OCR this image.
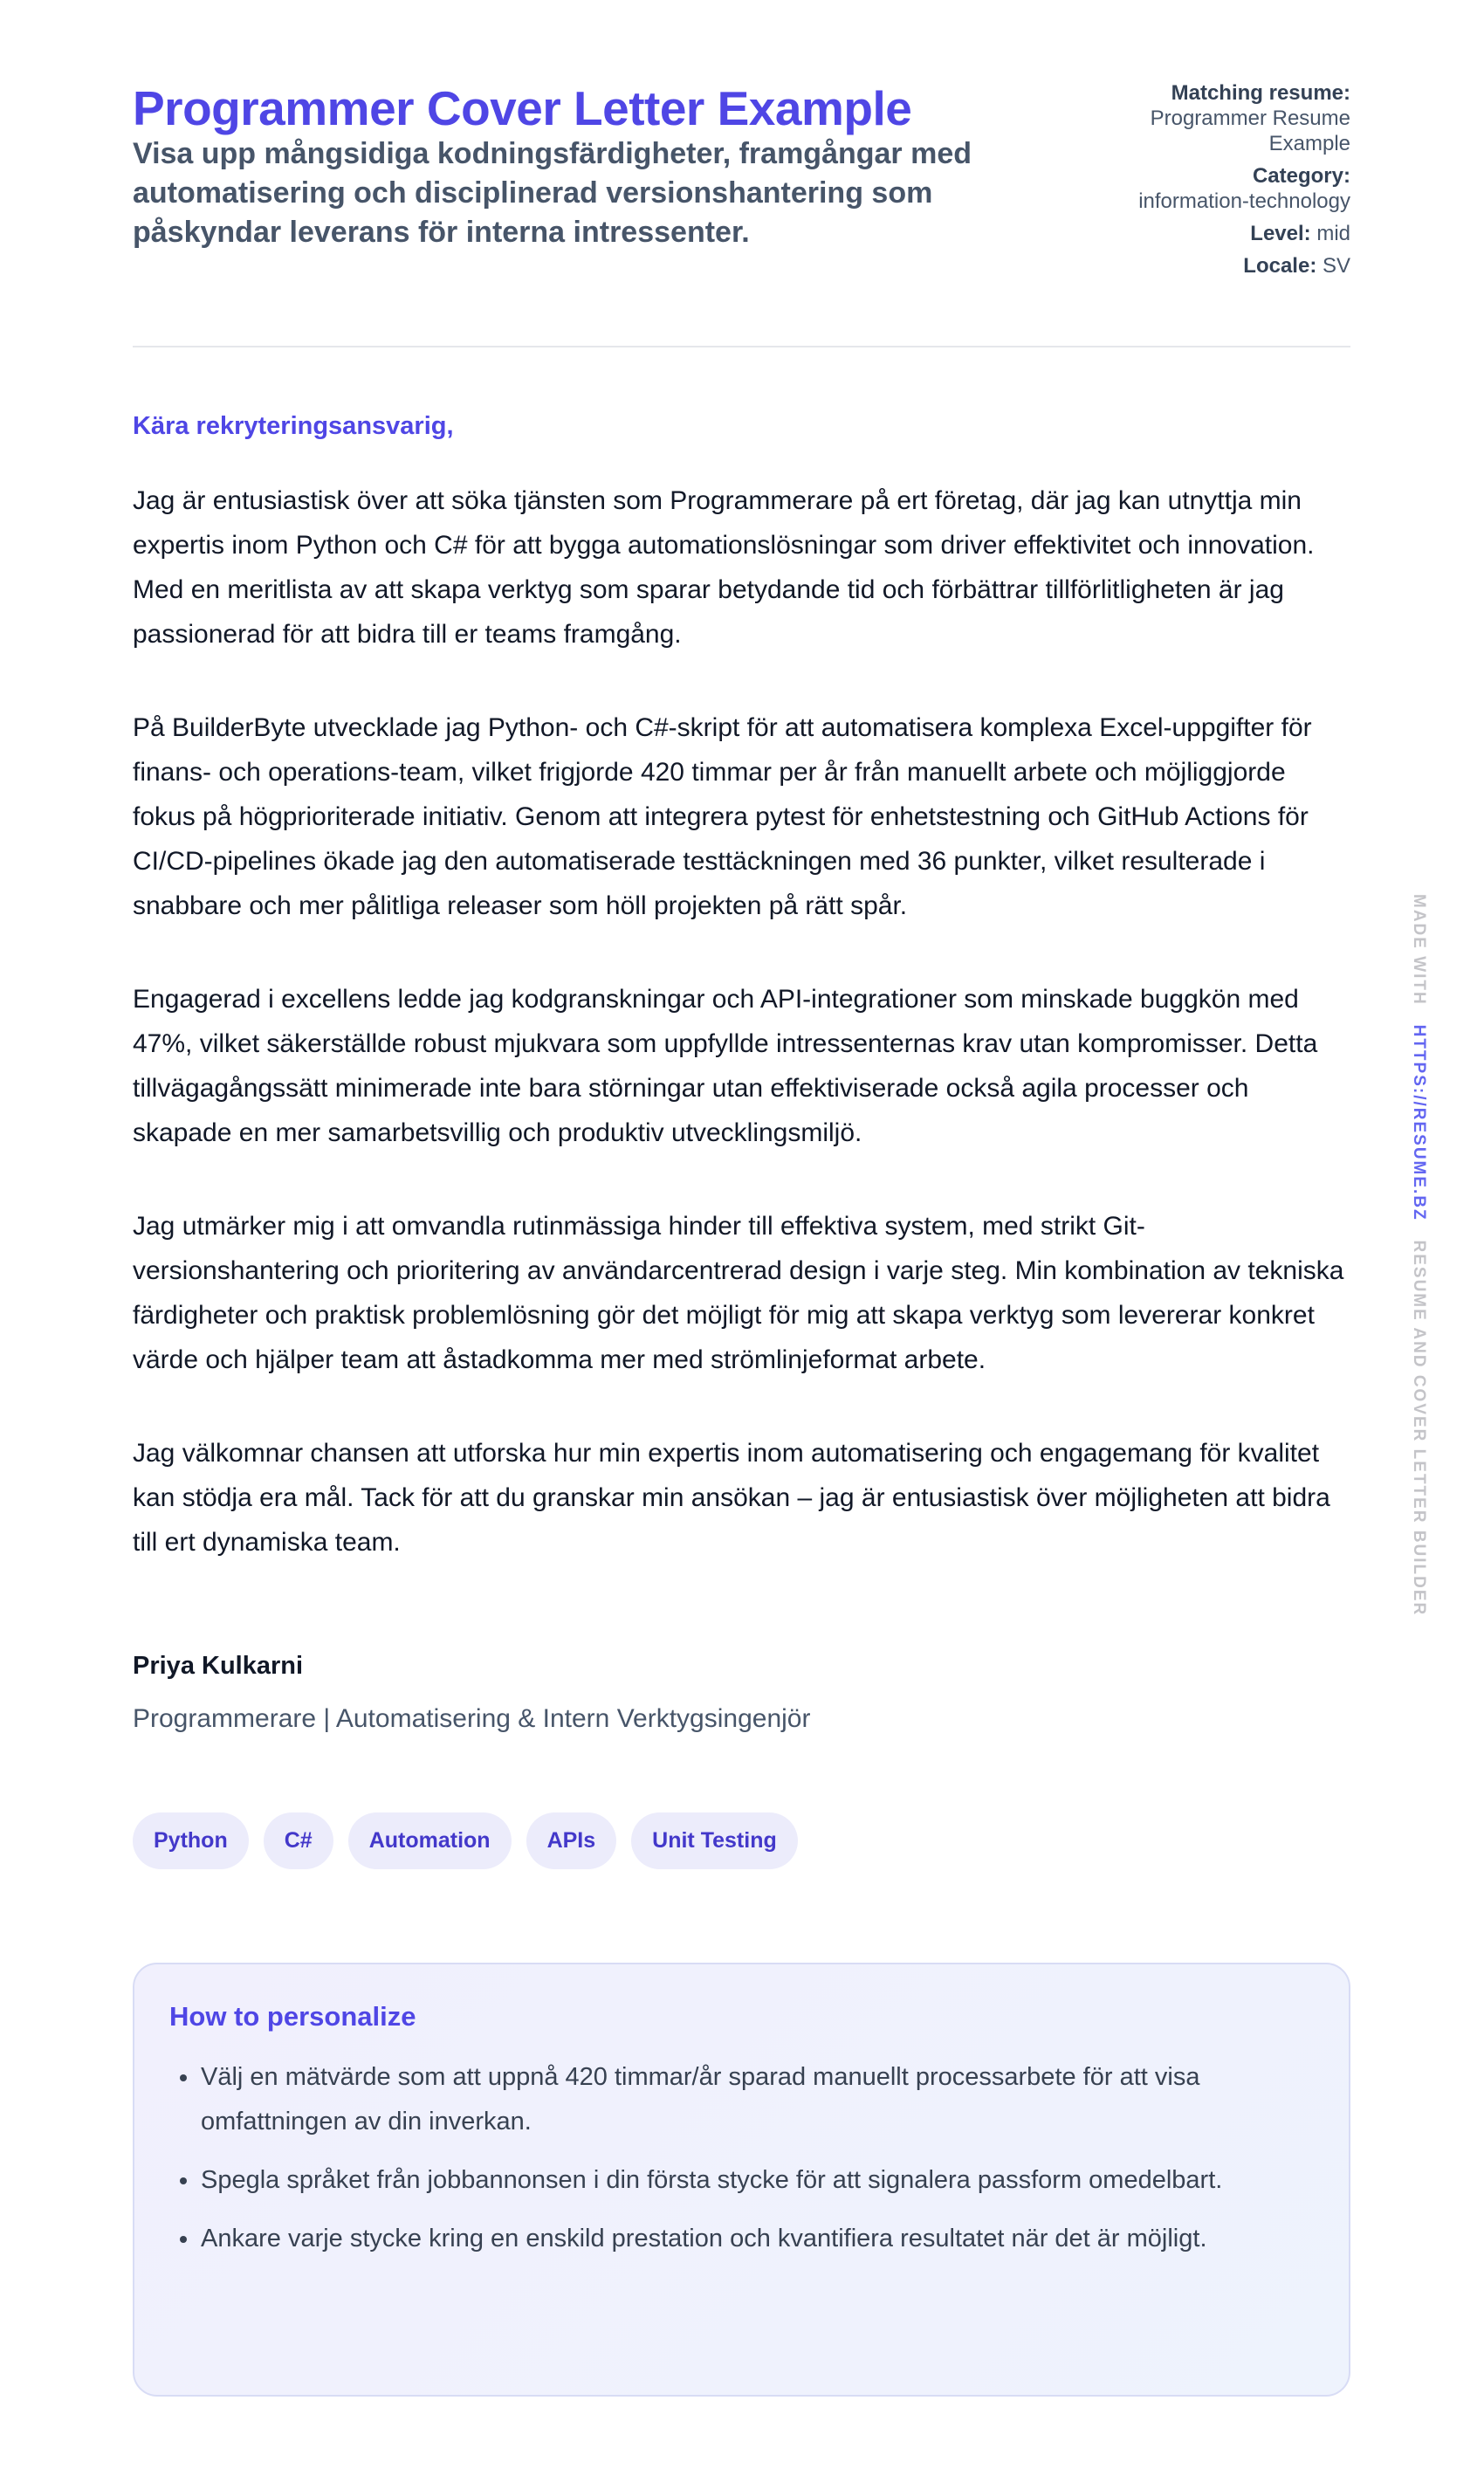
Programmer Cover Letter Example
Visa upp mångsidiga kodningsfärdigheter, framgångar med automatisering och disciplinerad versionshantering som påskyndar leverans för interna intressenter.
Matching resume:
Programmer Resume Example
Category:
information-technology
Level: mid
Locale: SV
Kära rekryteringsansvarig,

Jag är entusiastisk över att söka tjänsten som Programmerare på ert företag, där jag kan utnyttja min expertis inom Python och C# för att bygga automationslösningar som driver effektivitet och innovation. Med en meritlista av att skapa verktyg som sparar betydande tid och förbättrar tillförlitligheten är jag passionerad för att bidra till er teams framgång.

På BuilderByte utvecklade jag Python- och C#-skript för att automatisera komplexa Excel-uppgifter för finans- och operations-team, vilket frigjorde 420 timmar per år från manuellt arbete och möjliggjorde fokus på högprioriterade initiativ. Genom att integrera pytest för enhetstestning och GitHub Actions för CI/CD-pipelines ökade jag den automatiserade testtäckningen med 36 punkter, vilket resulterade i snabbare och mer pålitliga releaser som höll projekten på rätt spår.

Engagerad i excellens ledde jag kodgranskningar och API-integrationer som minskade buggkön med 47%, vilket säkerställde robust mjukvara som uppfyllde intressenternas krav utan kompromisser. Detta tillvägagångssätt minimerade inte bara störningar utan effektiviserade också agila processer och skapade en mer samarbetsvillig och produktiv utvecklingsmiljö.

Jag utmärker mig i att omvandla rutinmässiga hinder till effektiva system, med strikt Git-versionshantering och prioritering av användarcentrerad design i varje steg. Min kombination av tekniska färdigheter och praktisk problemlösning gör det möjligt för mig att skapa verktyg som levererar konkret värde och hjälper team att åstadkomma mer med strömlinjeformat arbete.

Jag välkomnar chansen att utforska hur min expertis inom automatisering och engagemang för kvalitet kan stödja era mål. Tack för att du granskar min ansökan – jag är entusiastisk över möjligheten att bidra till ert dynamiska team.

Priya Kulkarni
Programmerare | Automatisering & Intern Verktygsingenjör
Python	C#	Automation	APIs	Unit Testing
How to personalize
Välj en mätvärde som att uppnå 420 timmar/år sparad manuellt processarbete för att visa omfattningen av din inverkan.
Spegla språket från jobbannonsen i din första stycke för att signalera passform omedelbart.
Ankare varje stycke kring en enskild prestation och kvantifiera resultatet när det är möjligt.
MADE WITH   HTTPS://RESUME.BZ   RESUME AND COVER LETTER BUILDER
